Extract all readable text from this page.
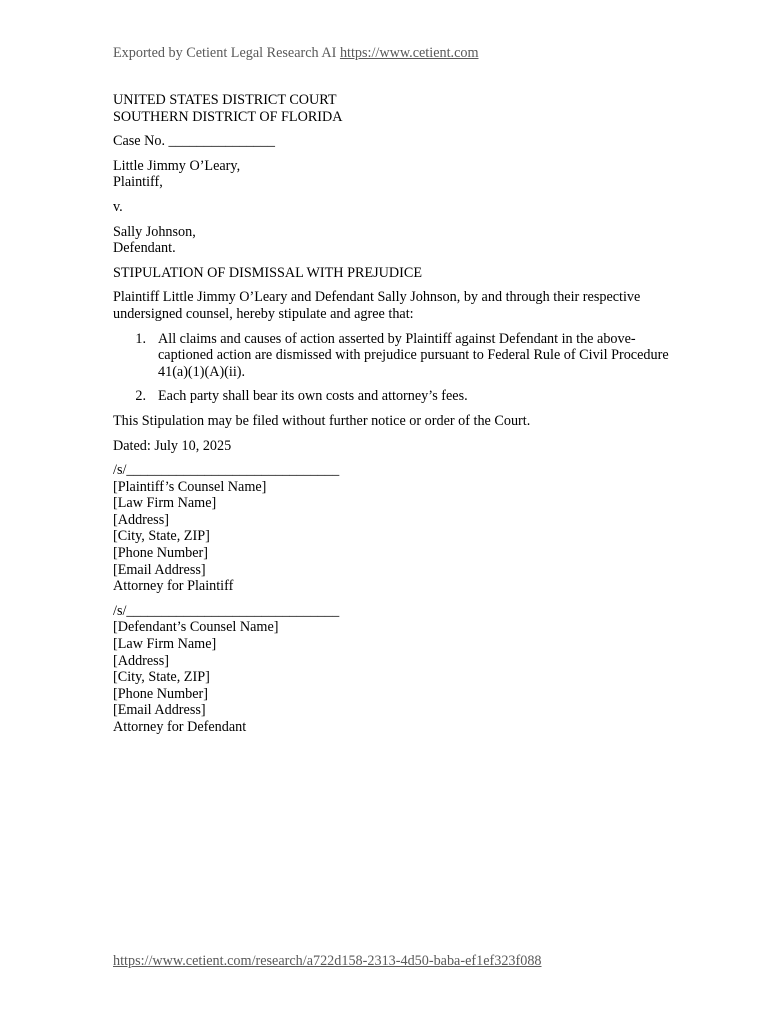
Exported by Cetient Legal Research AI https://www.cetient.com

UNITED STATES DISTRICT COURT

SOUTHERN DISTRICT OF FLORIDA

Case No. _______________

Little Jimmy O’Leary,

Plaintiff,

v.

Sally Johnson,

Defendant.

STIPULATION OF DISMISSAL WITH PREJUDICE

Plaintiff Little Jimmy O’Leary and Defendant Sally Johnson, by and through their respective undersigned counsel, hereby stipulate and agree that:

1. All claims and causes of action asserted by Plaintiff against Defendant in the above-captioned action are dismissed with prejudice pursuant to Federal Rule of Civil Procedure 41(a)(1)(A)(ii).
2. Each party shall bear its own costs and attorney’s fees.

This Stipulation may be filed without further notice or order of the Court.

Dated: July 10, 2025

/s/______________________________

[Plaintiff’s Counsel Name]

[Law Firm Name]

[Address]

[City, State, ZIP]

[Phone Number]

[Email Address]

Attorney for Plaintiff

/s/______________________________

[Defendant’s Counsel Name]

[Law Firm Name]

[Address]

[City, State, ZIP]

[Phone Number]

[Email Address]

Attorney for Defendant

https://www.cetient.com/research/a722d158-2313-4d50-baba-ef1ef323f088
